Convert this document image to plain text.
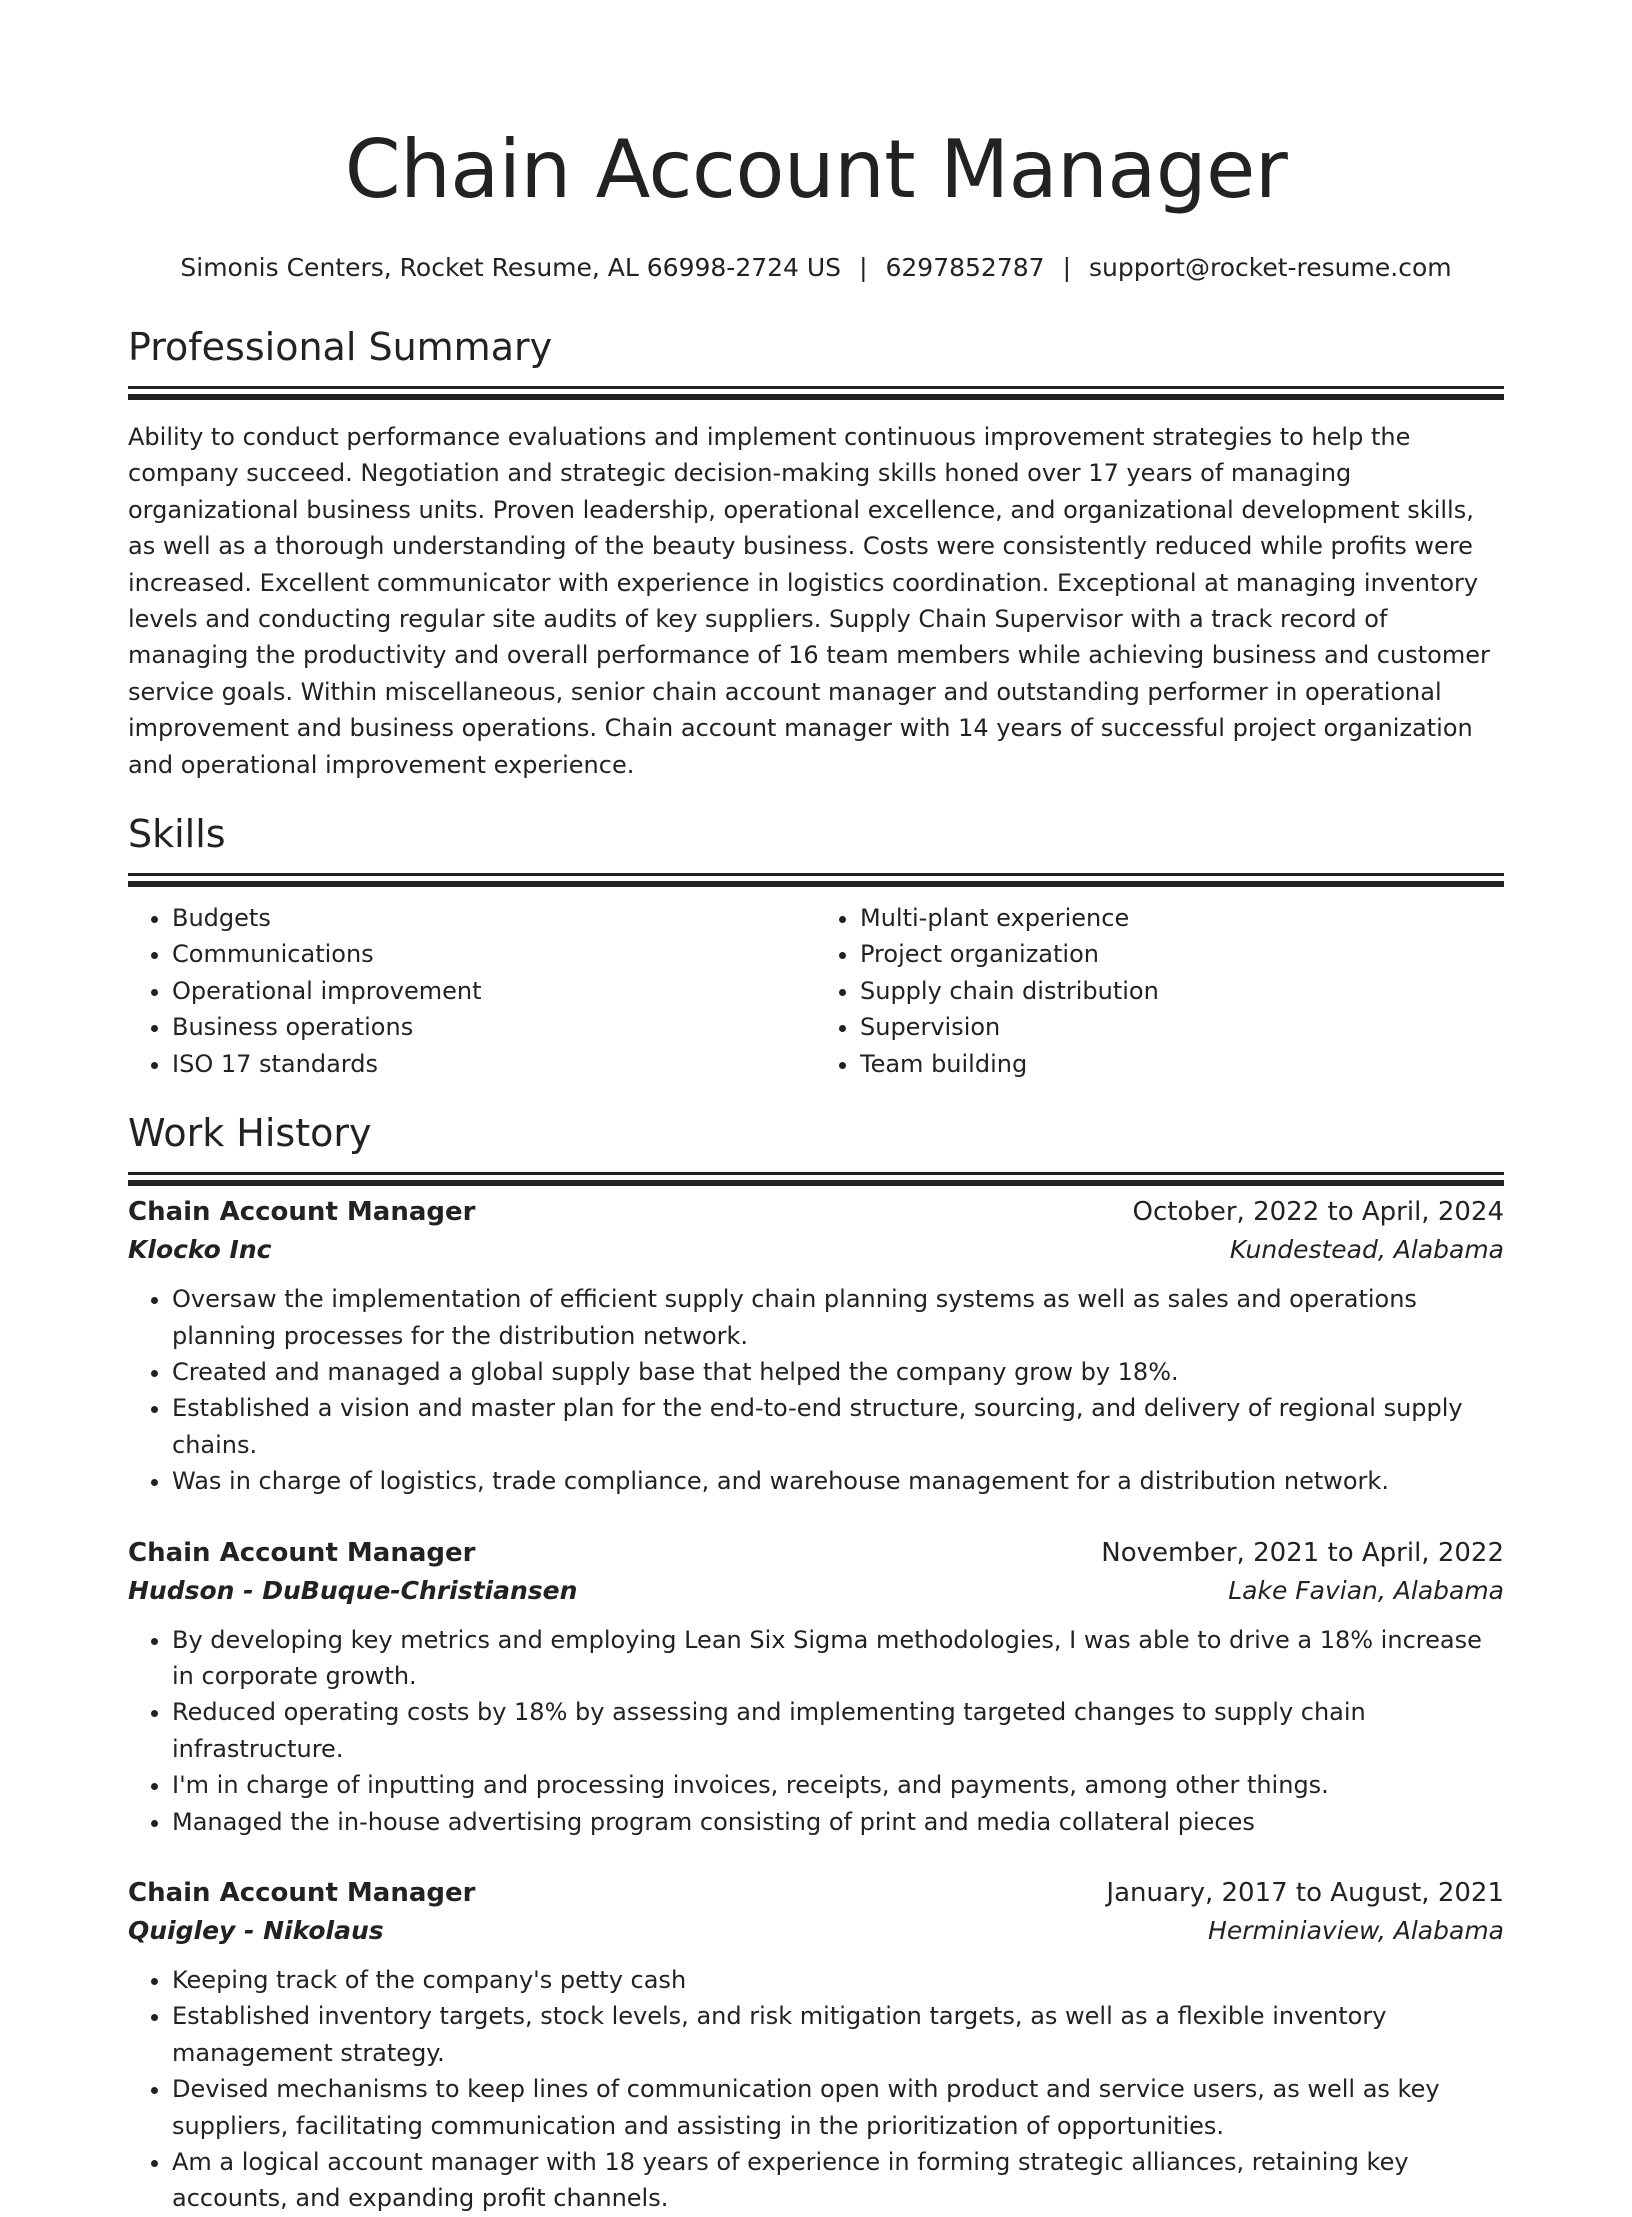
Chain Account Manager
Simonis Centers, Rocket Resume, AL 66998-2724 US | 6297852787 | support@rocket-resume.com
Professional Summary

Ability to conduct performance evaluations and implement continuous improvement strategies to help the company succeed. Negotiation and strategic decision-making skills honed over 17 years of managing organizational business units. Proven leadership, operational excellence, and organizational development skills, as well as a thorough understanding of the beauty business. Costs were consistently reduced while profits were increased. Excellent communicator with experience in logistics coordination. Exceptional at managing inventory levels and conducting regular site audits of key suppliers. Supply Chain Supervisor with a track record of managing the productivity and overall performance of 16 team members while achieving business and customer service goals. Within miscellaneous, senior chain account manager and outstanding performer in operational improvement and business operations. Chain account manager with 14 years of successful project organization and operational improvement experience.

Skills
• Budgets
• Communications
• Operational improvement
• Business operations
• ISO 17 standards
• Multi-plant experience
• Project organization
• Supply chain distribution
• Supervision
• Team building
Work History
Chain Account Manager	October, 2022 to April, 2024
Klocko Inc	Kundestead, Alabama
• Oversaw the implementation of efficient supply chain planning systems as well as sales and operations planning processes for the distribution network.
• Created and managed a global supply base that helped the company grow by 18%.
• Established a vision and master plan for the end-to-end structure, sourcing, and delivery of regional supply chains.
• Was in charge of logistics, trade compliance, and warehouse management for a distribution network.
Chain Account Manager	November, 2021 to April, 2022
Hudson - DuBuque-Christiansen	Lake Favian, Alabama
• By developing key metrics and employing Lean Six Sigma methodologies, I was able to drive a 18% increase in corporate growth.
• Reduced operating costs by 18% by assessing and implementing targeted changes to supply chain infrastructure.
• I'm in charge of inputting and processing invoices, receipts, and payments, among other things.
• Managed the in-house advertising program consisting of print and media collateral pieces
Chain Account Manager	January, 2017 to August, 2021
Quigley - Nikolaus	Herminiaview, Alabama
• Keeping track of the company's petty cash
• Established inventory targets, stock levels, and risk mitigation targets, as well as a flexible inventory management strategy.
• Devised mechanisms to keep lines of communication open with product and service users, as well as key suppliers, facilitating communication and assisting in the prioritization of opportunities.
• Am a logical account manager with 18 years of experience in forming strategic alliances, retaining key accounts, and expanding profit channels.
